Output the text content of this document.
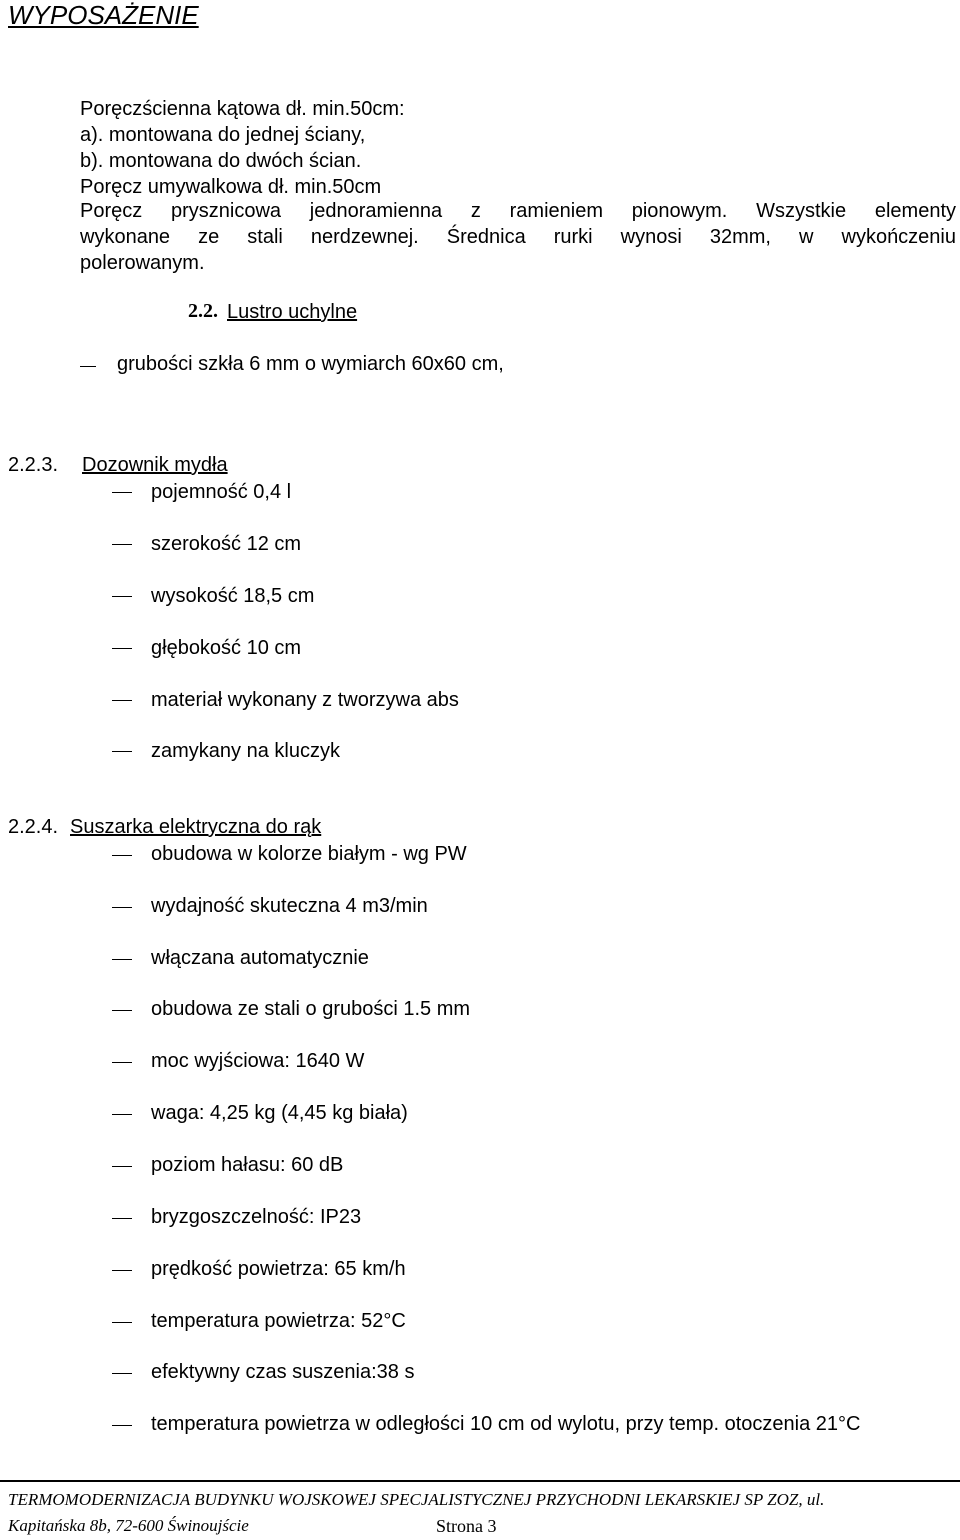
WYPOSAŻENIE
Poręczścienna kątowa dł. min.50cm:
a). montowana do jednej ściany,
b). montowana do dwóch ścian.
Poręcz umywalkowa dł. min.50cm
Poręcz prysznicowa jednoramienna z ramieniem pionowym. Wszystkie elementy
wykonane ze stali nerdzewnej. Średnica rurki wynosi 32mm, w wykończeniu
polerowanym.
2.2. Lustro uchylne
grubości szkła 6 mm o wymiarch 60x60 cm,
2.2.3. Dozownik mydła
pojemność 0,4 l
szerokość 12 cm
wysokość 18,5 cm
głębokość 10 cm
materiał wykonany z tworzywa abs
zamykany na kluczyk
2.2.4. Suszarka elektryczna do rąk
obudowa w kolorze białym - wg PW
wydajność skuteczna 4 m3/min
włączana automatycznie
obudowa ze stali o grubości 1.5 mm
moc wyjściowa: 1640 W
waga: 4,25 kg (4,45 kg biała)
poziom hałasu: 60 dB
bryzgoszczelność: IP23
prędkość powietrza: 65 km/h
temperatura powietrza: 52°C
efektywny czas suszenia:38 s
temperatura powietrza w odległości 10 cm od wylotu, przy temp. otoczenia 21°C
TERMOMODERNIZACJA BUDYNKU WOJSKOWEJ SPECJALISTYCZNEJ PRZYCHODNI LEKARSKIEJ SP ZOZ, ul.
Kapitańska 8b, 72-600 Świnoujście	Strona 3
